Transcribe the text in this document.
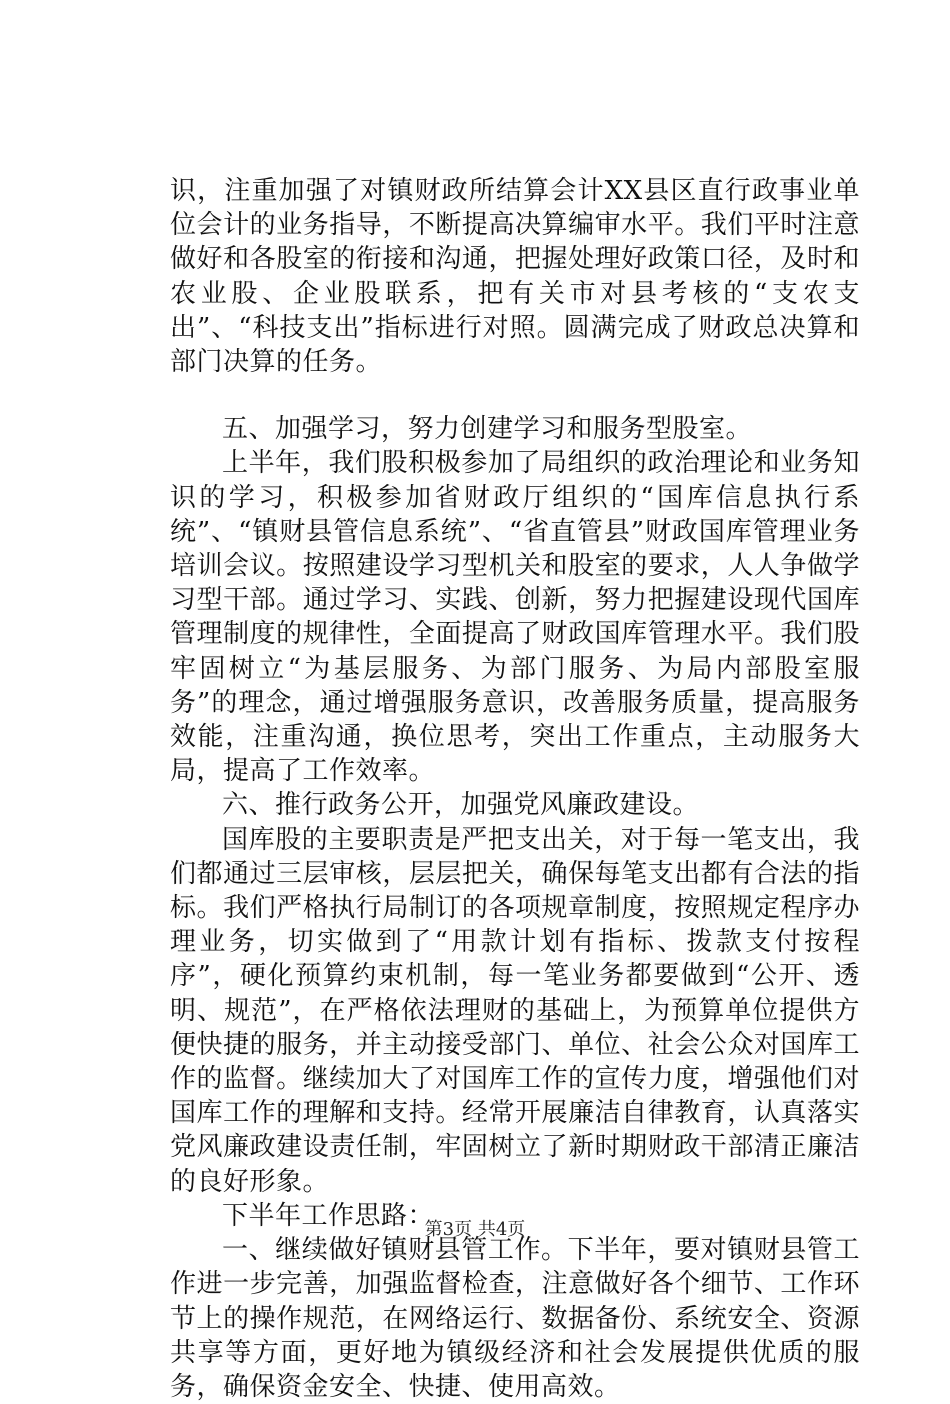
识，注重加强了对镇财政所结算会计XX县区直行政事业单位会计的业务指导，不断提高决算编审水平。我们平时注意做好和各股室的衔接和沟通，把握处理好政策口径，及时和农业股、企业股联系，把有关市对县考核的“支农支出”、“科技支出”指标进行对照。圆满完成了财政总决算和部门决算的任务。

五、加强学习，努力创建学习和服务型股室。

上半年，我们股积极参加了局组织的政治理论和业务知识的学习，积极参加省财政厅组织的“国库信息执行系统”、“镇财县管信息系统”、“省直管县”财政国库管理业务培训会议。按照建设学习型机关和股室的要求，人人争做学习型干部。通过学习、实践、创新，努力把握建设现代国库管理制度的规律性，全面提高了财政国库管理水平。我们股牢固树立“为基层服务、为部门服务、为局内部股室服务”的理念，通过增强服务意识，改善服务质量，提高服务效能，注重沟通，换位思考，突出工作重点，主动服务大局，提高了工作效率。

六、推行政务公开，加强党风廉政建设。

国库股的主要职责是严把支出关，对于每一笔支出，我们都通过三层审核，层层把关，确保每笔支出都有合法的指标。我们严格执行局制订的各项规章制度，按照规定程序办理业务，切实做到了“用款计划有指标、拨款支付按程序”，硬化预算约束机制，每一笔业务都要做到“公开、透明、规范”，在严格依法理财的基础上，为预算单位提供方便快捷的服务，并主动接受部门、单位、社会公众对国库工作的监督。继续加大了对国库工作的宣传力度，增强他们对国库工作的理解和支持。经常开展廉洁自律教育，认真落实党风廉政建设责任制，牢固树立了新时期财政干部清正廉洁的良好形象。

下半年工作思路：

一、继续做好镇财县管工作。下半年，要对镇财县管工作进一步完善，加强监督检查，注意做好各个细节、工作环节上的操作规范，在网络运行、数据备份、系统安全、资源共享等方面，更好地为镇级经济和社会发展提供优质的服务，确保资金安全、快捷、使用高效。

第3页 共4页
